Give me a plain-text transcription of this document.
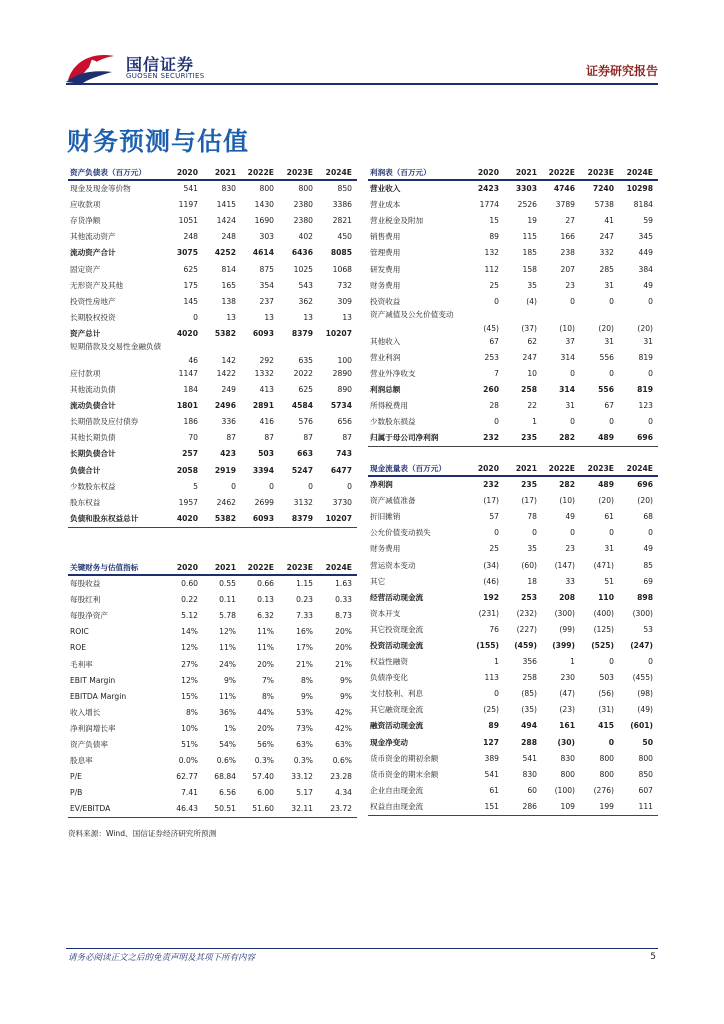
国信证券
GUOSEN SECURITIES	证券研究报告
财务预测与估值
资产负债表（百万元）	2020	2021	2022E	2023E	2024E
现金及现金等价物	541	830	800	800	850
应收款项	1197	1415	1430	2380	3386
存货净额	1051	1424	1690	2380	2821
其他流动资产	248	248	303	402	450
流动资产合计	3075	4252	4614	6436	8085
固定资产	625	814	875	1025	1068
无形资产及其他	175	165	354	543	732
投资性房地产	145	138	237	362	309
长期股权投资	0	13	13	13	13
资产总计	4020	5382	6093	8379	10207
短期借款及交易性金融负债	46	142	292	635	100
应付款项	1147	1422	1332	2022	2890
其他流动负债	184	249	413	625	890
流动负债合计	1801	2496	2891	4584	5734
长期借款及应付债券	186	336	416	576	656
其他长期负债	70	87	87	87	87
长期负债合计	257	423	503	663	743
负债合计	2058	2919	3394	5247	6477
少数股东权益	5	0	0	0	0
股东权益	1957	2462	2699	3132	3730
负债和股东权益总计	4020	5382	6093	8379	10207
关键财务与估值指标	2020	2021	2022E	2023E	2024E
每股收益	0.60	0.55	0.66	1.15	1.63
每股红利	0.22	0.11	0.13	0.23	0.33
每股净资产	5.12	5.78	6.32	7.33	8.73
ROIC	14%	12%	11%	16%	20%
ROE	12%	11%	11%	17%	20%
毛利率	27%	24%	20%	21%	21%
EBIT Margin	12%	9%	7%	8%	9%
EBITDA Margin	15%	11%	8%	9%	9%
收入增长	8%	36%	44%	53%	42%
净利润增长率	10%	1%	20%	73%	42%
资产负债率	51%	54%	56%	63%	63%
股息率	0.0%	0.6%	0.3%	0.3%	0.6%
P/E	62.77	68.84	57.40	33.12	23.28
P/B	7.41	6.56	6.00	5.17	4.34
EV/EBITDA	46.43	50.51	51.60	32.11	23.72
利润表（百万元）	2020	2021	2022E	2023E	2024E
营业收入	2423	3303	4746	7240	10298
营业成本	1774	2526	3789	5738	8184
营业税金及附加	15	19	27	41	59
销售费用	89	115	166	247	345
管理费用	132	185	238	332	449
研发费用	112	158	207	285	384
财务费用	25	35	23	31	49
投资收益	0	(4)	0	0	0
资产减值及公允价值变动	(45)	(37)	(10)	(20)	(20)
其他收入	67	62	37	31	31
营业利润	253	247	314	556	819
营业外净收支	7	10	0	0	0
利润总额	260	258	314	556	819
所得税费用	28	22	31	67	123
少数股东损益	0	1	0	0	0
归属于母公司净利润	232	235	282	489	696
现金流量表（百万元）	2020	2021	2022E	2023E	2024E
净利润	232	235	282	489	696
资产减值准备	(17)	(17)	(10)	(20)	(20)
折旧摊销	57	78	49	61	68
公允价值变动损失	0	0	0	0	0
财务费用	25	35	23	31	49
营运资本变动	(34)	(60)	(147)	(471)	85
其它	(46)	18	33	51	69
经营活动现金流	192	253	208	110	898
资本开支	(231)	(232)	(300)	(400)	(300)
其它投资现金流	76	(227)	(99)	(125)	53
投资活动现金流	(155)	(459)	(399)	(525)	(247)
权益性融资	1	356	1	0	0
负债净变化	113	258	230	503	(455)
支付股利、利息	0	(85)	(47)	(56)	(98)
其它融资现金流	(25)	(35)	(23)	(31)	(49)
融资活动现金流	89	494	161	415	(601)
现金净变动	127	288	(30)	0	50
货币资金的期初余额	389	541	830	800	800
货币资金的期末余额	541	830	800	800	850
企业自由现金流	61	60	(100)	(276)	607
权益自由现金流	151	286	109	199	111
资料来源：Wind、国信证券经济研究所预测
请务必阅读正文之后的免责声明及其项下所有内容	5
